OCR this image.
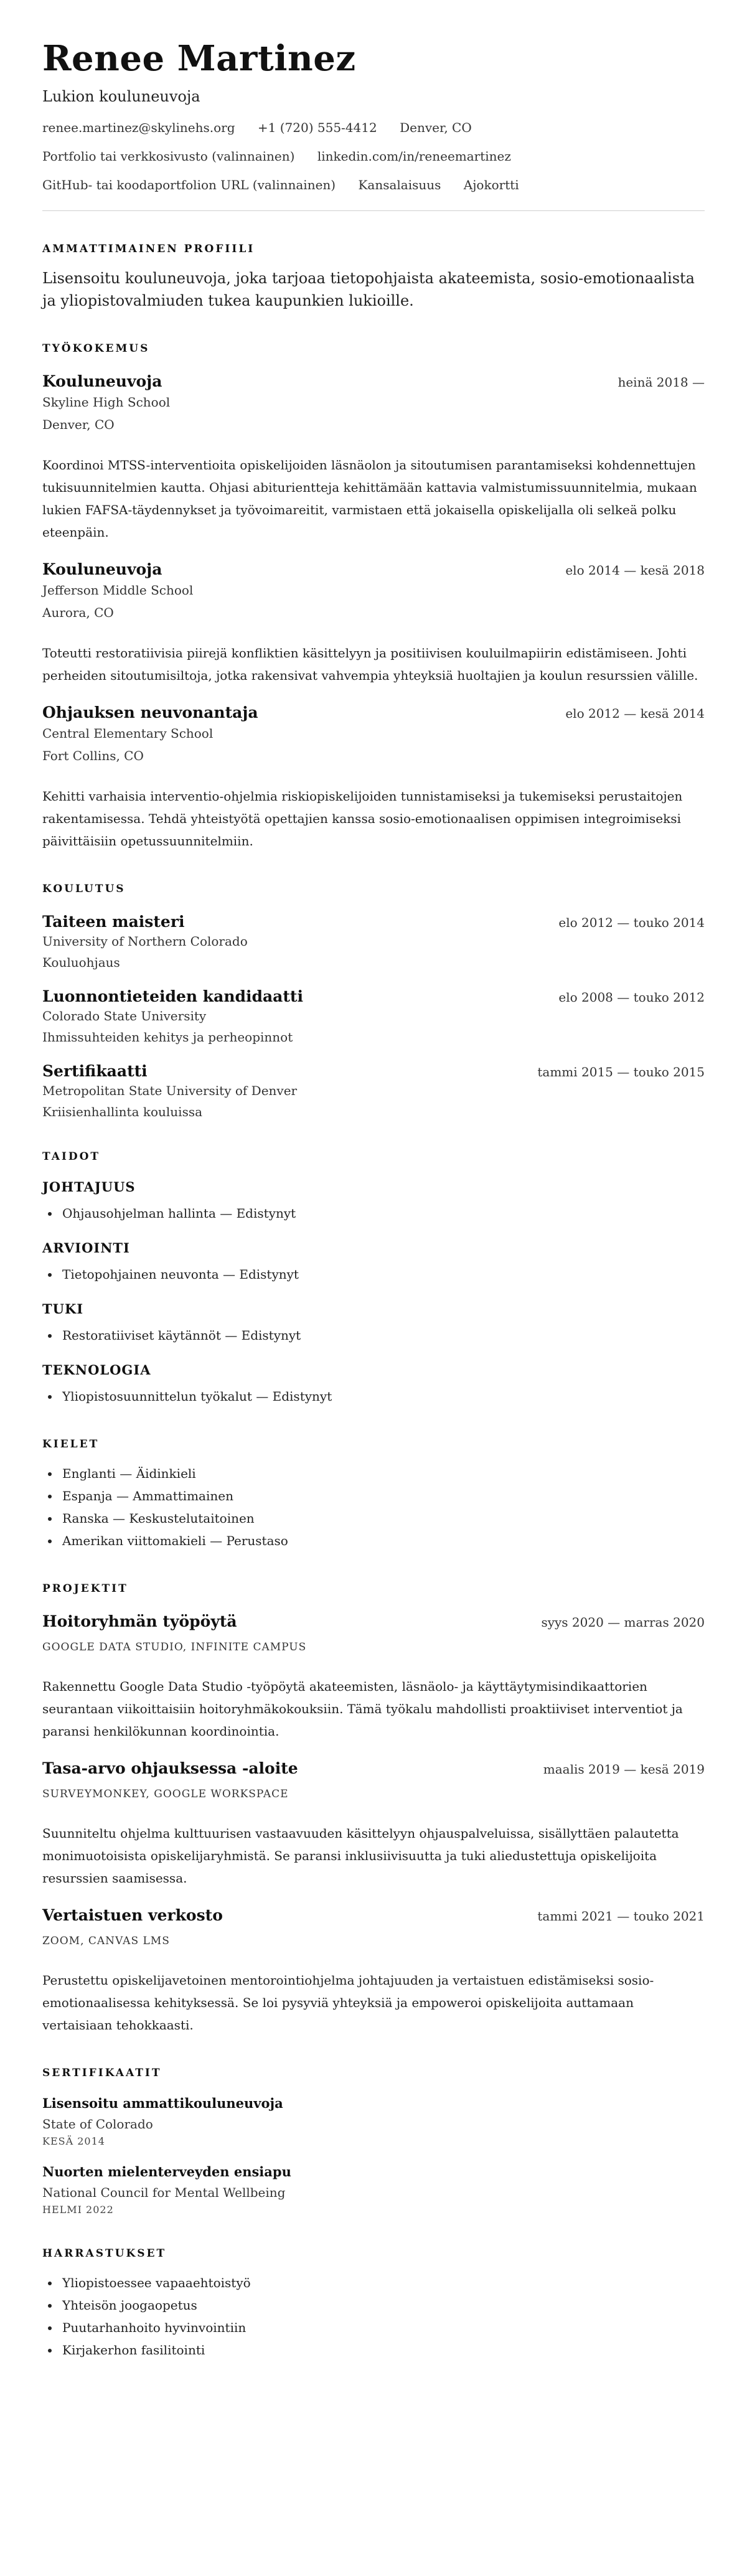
Renee Martinez
Lukion kouluneuvoja
renee.martinez@skylinehs.org +1 (720) 555-4412 Denver, CO
Portfolio tai verkkosivusto (valinnainen) linkedin.com/in/reneemartinez
GitHub- tai koodaportfolion URL (valinnainen) Kansalaisuus Ajokortti
AMMATTIMAINEN PROFIILI
Lisensoitu kouluneuvoja, joka tarjoaa tietopohjaista akateemista, sosio-emotionaalista ja yliopistovalmiuden tukea kaupunkien lukioille.
TYÖKOKEMUS
Kouluneuvoja	heinä 2018 —
Skyline High School
Denver, CO
Koordinoi MTSS-interventioita opiskelijoiden läsnäolon ja sitoutumisen parantamiseksi kohdennettujen tukisuunnitelmien kautta. Ohjasi abiturientteja kehittämään kattavia valmistumissuunnitelmia, mukaan lukien FAFSA-täydennykset ja työvoimareitit, varmistaen että jokaisella opiskelijalla oli selkeä polku eteenpäin.
Kouluneuvoja	elo 2014 — kesä 2018
Jefferson Middle School
Aurora, CO
Toteutti restoratiivisia piirejä konfliktien käsittelyyn ja positiivisen kouluilmapiirin edistämiseen. Johti perheiden sitoutumisiltoja, jotka rakensivat vahvempia yhteyksiä huoltajien ja koulun resurssien välille.
Ohjauksen neuvonantaja	elo 2012 — kesä 2014
Central Elementary School
Fort Collins, CO
Kehitti varhaisia interventio-ohjelmia riskiopiskelijoiden tunnistamiseksi ja tukemiseksi perustaitojen rakentamisessa. Tehdä yhteistyötä opettajien kanssa sosio-emotionaalisen oppimisen integroimiseksi päivittäisiin opetussuunnitelmiin.
KOULUTUS
Taiteen maisteri	elo 2012 — touko 2014
University of Northern Colorado
Kouluohjaus
Luonnontieteiden kandidaatti	elo 2008 — touko 2012
Colorado State University
Ihmissuhteiden kehitys ja perheopinnot
Sertifikaatti	tammi 2015 — touko 2015
Metropolitan State University of Denver
Kriisienhallinta kouluissa
TAIDOT
JOHTAJUUS
• Ohjausohjelman hallinta — Edistynyt
ARVIOINTI
• Tietopohjainen neuvonta — Edistynyt
TUKI
• Restoratiiviset käytännöt — Edistynyt
TEKNOLOGIA
• Yliopistosuunnittelun työkalut — Edistynyt
KIELET
• Englanti — Äidinkieli
• Espanja — Ammattimainen
• Ranska — Keskustelutaitoinen
• Amerikan viittomakieli — Perustaso
PROJEKTIT
Hoitoryhmän työpöytä	syys 2020 — marras 2020
GOOGLE DATA STUDIO, INFINITE CAMPUS
Rakennettu Google Data Studio -työpöytä akateemisten, läsnäolo- ja käyttäytymisindikaattorien seurantaan viikoittaisiin hoitoryhmäkokouksiin. Tämä työkalu mahdollisti proaktiiviset interventiot ja paransi henkilökunnan koordinointia.
Tasa-arvo ohjauksessa -aloite	maalis 2019 — kesä 2019
SURVEYMONKEY, GOOGLE WORKSPACE
Suunniteltu ohjelma kulttuurisen vastaavuuden käsittelyyn ohjauspalveluissa, sisällyttäen palautetta monimuotoisista opiskelijaryhmistä. Se paransi inklusiivisuutta ja tuki aliedustettuja opiskelijoita resurssien saamisessa.
Vertaistuen verkosto	tammi 2021 — touko 2021
ZOOM, CANVAS LMS
Perustettu opiskelijavetoinen mentorointiohjelma johtajuuden ja vertaistuen edistämiseksi sosio-emotionaalisessa kehityksessä. Se loi pysyviä yhteyksiä ja empoweroi opiskelijoita auttamaan vertaisiaan tehokkaasti.
SERTIFIKAATIT
Lisensoitu ammattikouluneuvoja
State of Colorado
KESÄ 2014
Nuorten mielenterveyden ensiapu
National Council for Mental Wellbeing
HELMI 2022
HARRASTUKSET
• Yliopistoessee vapaaehtoistyö
• Yhteisön joogaopetus
• Puutarhanhoito hyvinvointiin
• Kirjakerhon fasilitointi
